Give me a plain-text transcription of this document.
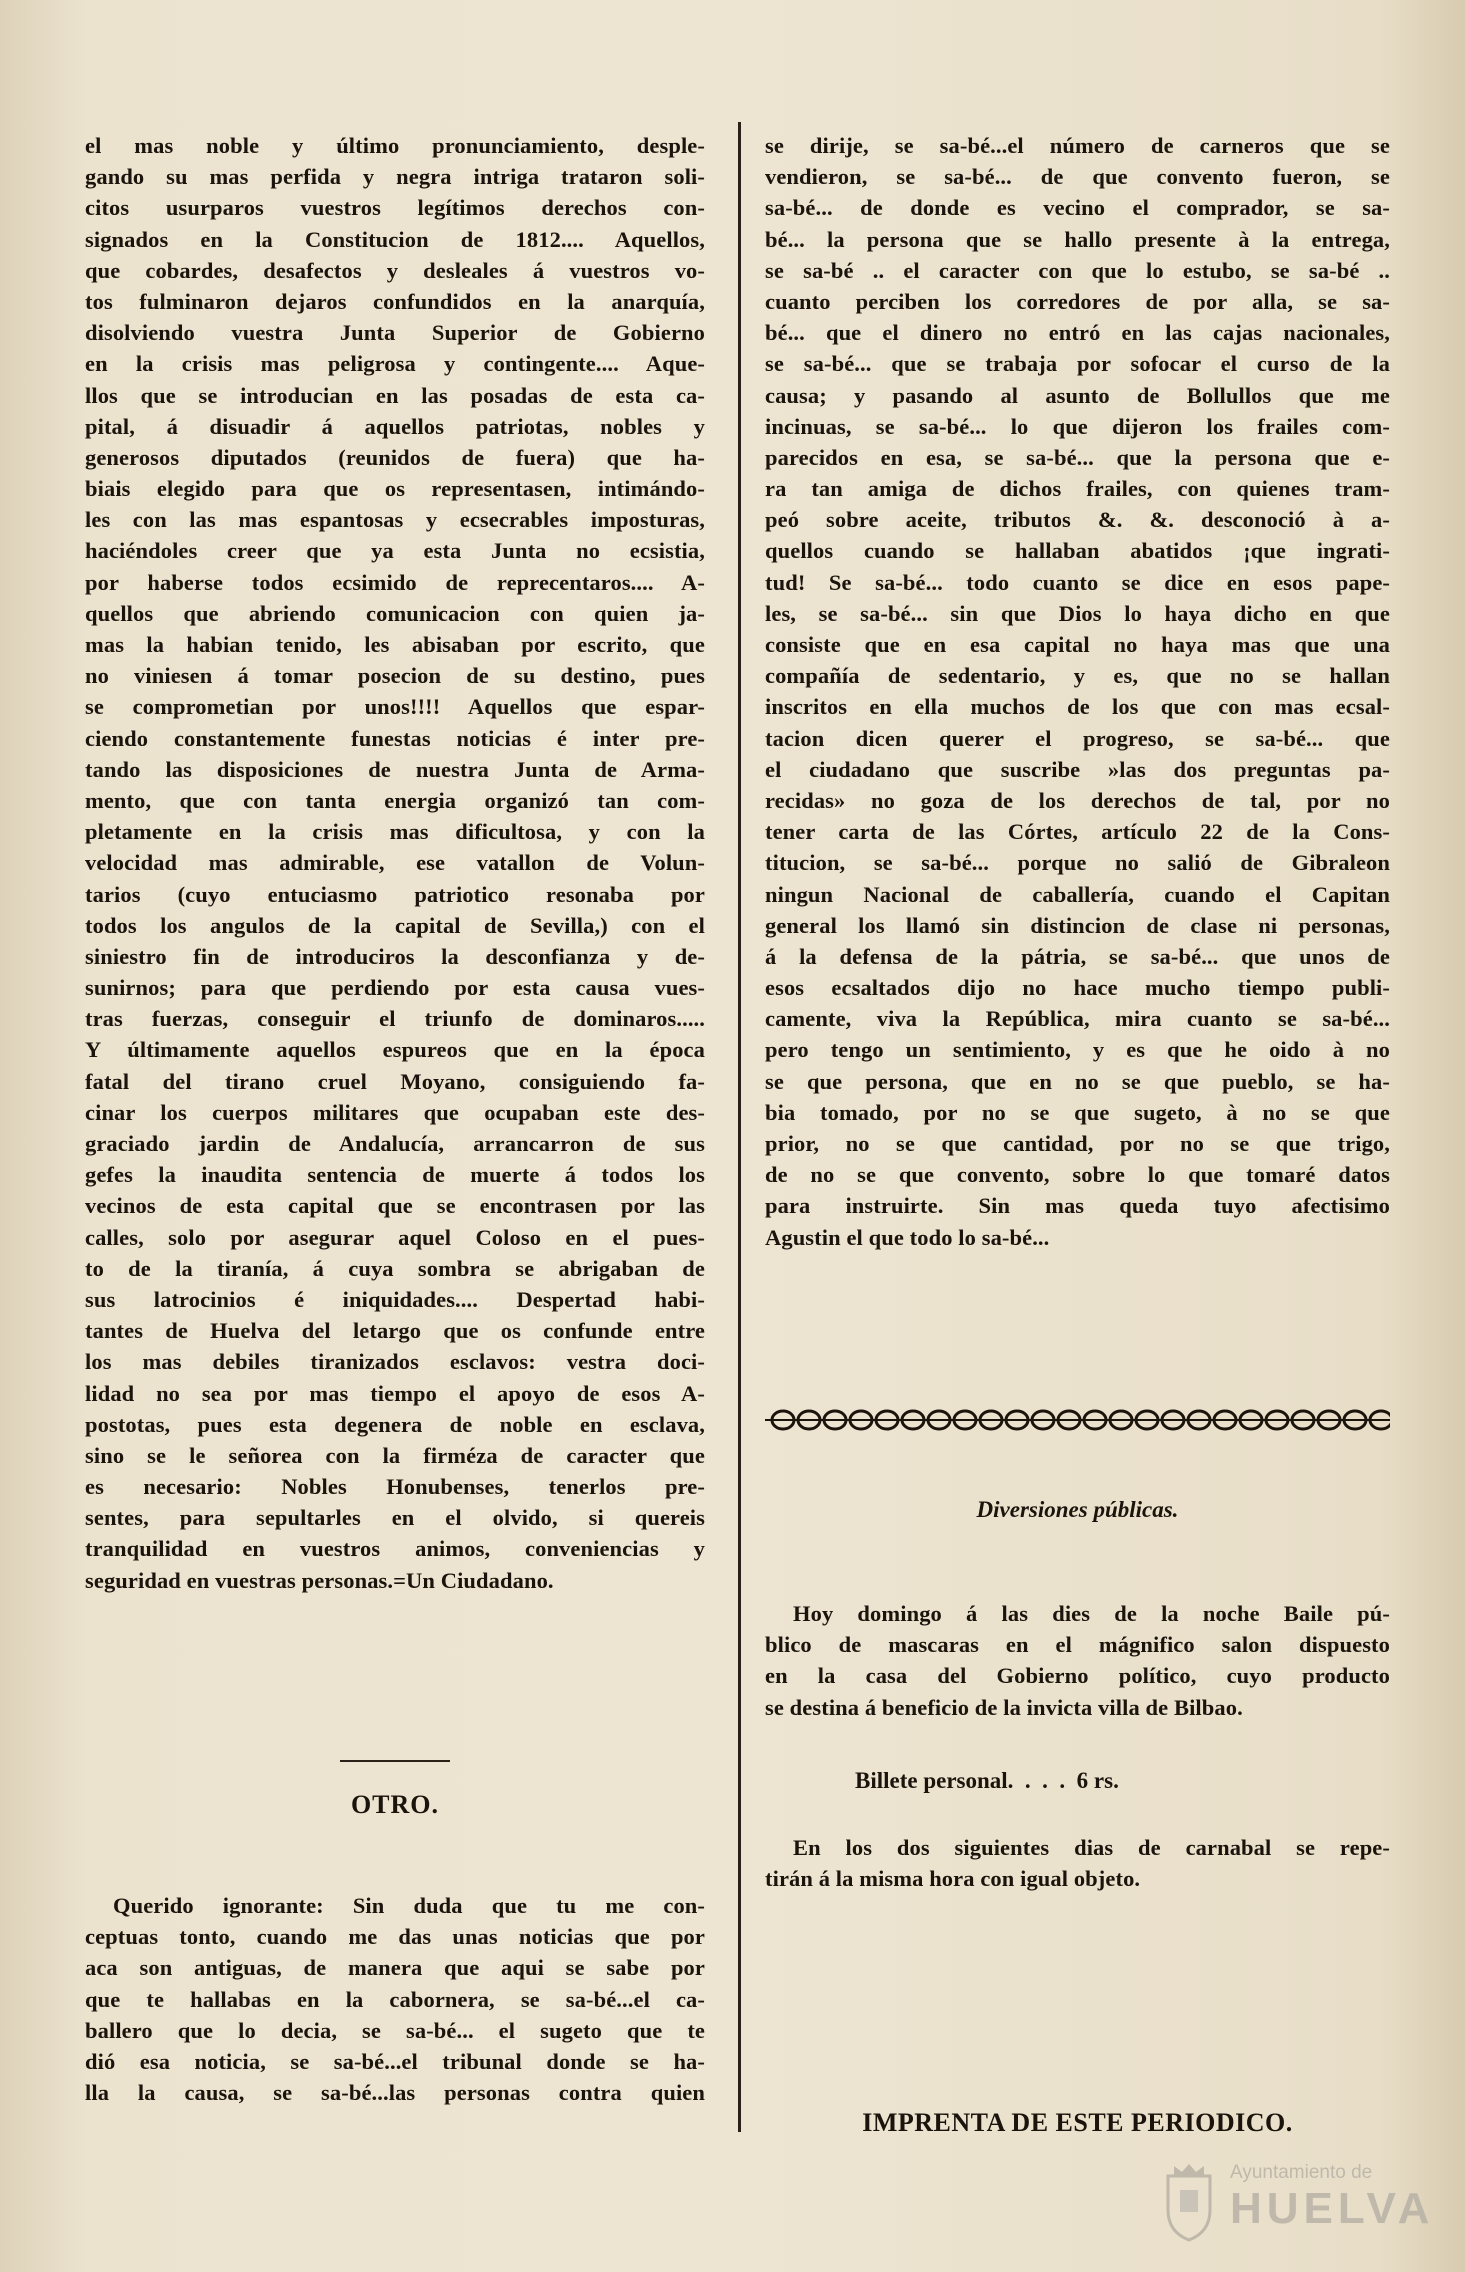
el mas noble y último pronunciamiento, desple-
gando su mas perfida y negra intriga trataron soli-
citos usurparos vuestros legítimos derechos con-
signados en la Constitucion de 1812.... Aquellos,
que cobardes, desafectos y desleales á vuestros vo-
tos fulminaron dejaros confundidos en la anarquía,
disolviendo vuestra Junta Superior de Gobierno
en la crisis mas peligrosa y contingente.... Aque-
llos que se introducian en las posadas de esta ca-
pital, á disuadir á aquellos patriotas, nobles y
generosos diputados (reunidos de fuera) que ha-
biais elegido para que os representasen, intimándo-
les con las mas espantosas y ecsecrables imposturas,
haciéndoles creer que ya esta Junta no ecsistia,
por haberse todos ecsimido de reprecentaros.... A-
quellos que abriendo comunicacion con quien ja-
mas la habian tenido, les abisaban por escrito, que
no viniesen á tomar posecion de su destino, pues
se comprometian por unos!!!! Aquellos que espar-
ciendo constantemente funestas noticias é inter pre-
tando las disposiciones de nuestra Junta de Arma-
mento, que con tanta energia organizó tan com-
pletamente en la crisis mas dificultosa, y con la
velocidad mas admirable, ese vatallon de Volun-
tarios (cuyo entuciasmo patriotico resonaba por
todos los angulos de la capital de Sevilla,) con el
siniestro fin de introduciros la desconfianza y de-
sunirnos; para que perdiendo por esta causa vues-
tras fuerzas, conseguir el triunfo de dominaros.....
Y últimamente aquellos espureos que en la época
fatal del tirano cruel Moyano, consiguiendo fa-
cinar los cuerpos militares que ocupaban este des-
graciado jardin de Andalucía, arrancarron de sus
gefes la inaudita sentencia de muerte á todos los
vecinos de esta capital que se encontrasen por las
calles, solo por asegurar aquel Coloso en el pues-
to de la tiranía, á cuya sombra se abrigaban de
sus latrocinios é iniquidades.... Despertad habi-
tantes de Huelva del letargo que os confunde entre
los mas debiles tiranizados esclavos: vestra doci-
lidad no sea por mas tiempo el apoyo de esos A-
postotas, pues esta degenera de noble en esclava,
sino se le señorea con la firméza de caracter que
es necesario: Nobles Honubenses, tenerlos pre-
sentes, para sepultarles en el olvido, si quereis
tranquilidad en vuestros animos, conveniencias y
seguridad en vuestras personas.=Un Ciudadano.
OTRO.
Querido ignorante: Sin duda que tu me con-
ceptuas tonto, cuando me das unas noticias que por
aca son antiguas, de manera que aqui se sabe por
que te hallabas en la cabornera, se sa-bé...el ca-
ballero que lo decia, se sa-bé... el sugeto que te
dió esa noticia, se sa-bé...el tribunal donde se ha-
lla la causa, se sa-bé...las personas contra quien
se dirije, se sa-bé...el número de carneros que se
vendieron, se sa-bé... de que convento fueron, se
sa-bé... de donde es vecino el comprador, se sa-
bé... la persona que se hallo presente à la entrega,
se sa-bé .. el caracter con que lo estubo, se sa-bé ..
cuanto perciben los corredores de por alla, se sa-
bé... que el dinero no entró en las cajas nacionales,
se sa-bé... que se trabaja por sofocar el curso de la
causa; y pasando al asunto de Bollullos que me
incinuas, se sa-bé... lo que dijeron los frailes com-
parecidos en esa, se sa-bé... que la persona que e-
ra tan amiga de dichos frailes, con quienes tram-
peó sobre aceite, tributos &. &. desconoció à a-
quellos cuando se hallaban abatidos ¡que ingrati-
tud! Se sa-bé... todo cuanto se dice en esos pape-
les, se sa-bé... sin que Dios lo haya dicho en que
consiste que en esa capital no haya mas que una
compañía de sedentario, y es, que no se hallan
inscritos en ella muchos de los que con mas ecsal-
tacion dicen querer el progreso, se sa-bé... que
el ciudadano que suscribe »las dos preguntas pa-
recidas» no goza de los derechos de tal, por no
tener carta de las Córtes, artículo 22 de la Cons-
titucion, se sa-bé... porque no salió de Gibraleon
ningun Nacional de caballería, cuando el Capitan
general los llamó sin distincion de clase ni personas,
á la defensa de la pátria, se sa-bé... que unos de
esos ecsaltados dijo no hace mucho tiempo publi-
camente, viva la República, mira cuanto se sa-bé...
pero tengo un sentimiento, y es que he oido à no
se que persona, que en no se que pueblo, se ha-
bia tomado, por no se que sugeto, à no se que
prior, no se que cantidad, por no se que trigo,
de no se que convento, sobre lo que tomaré datos
para instruirte. Sin mas queda tuyo afectisimo
Agustin el que todo lo sa-bé...
Diversiones públicas.
Hoy domingo á las dies de la noche Baile pú-
blico de mascaras en el mágnifico salon dispuesto
en la casa del Gobierno político, cuyo producto
se destina á beneficio de la invicta villa de Bilbao.
Billete personal.  .  .  .  6 rs.
En los dos siguientes dias de carnabal se repe-
tirán á la misma hora con igual objeto.
IMPRENTA DE ESTE PERIODICO.
Ayuntamiento de
HUELVA
